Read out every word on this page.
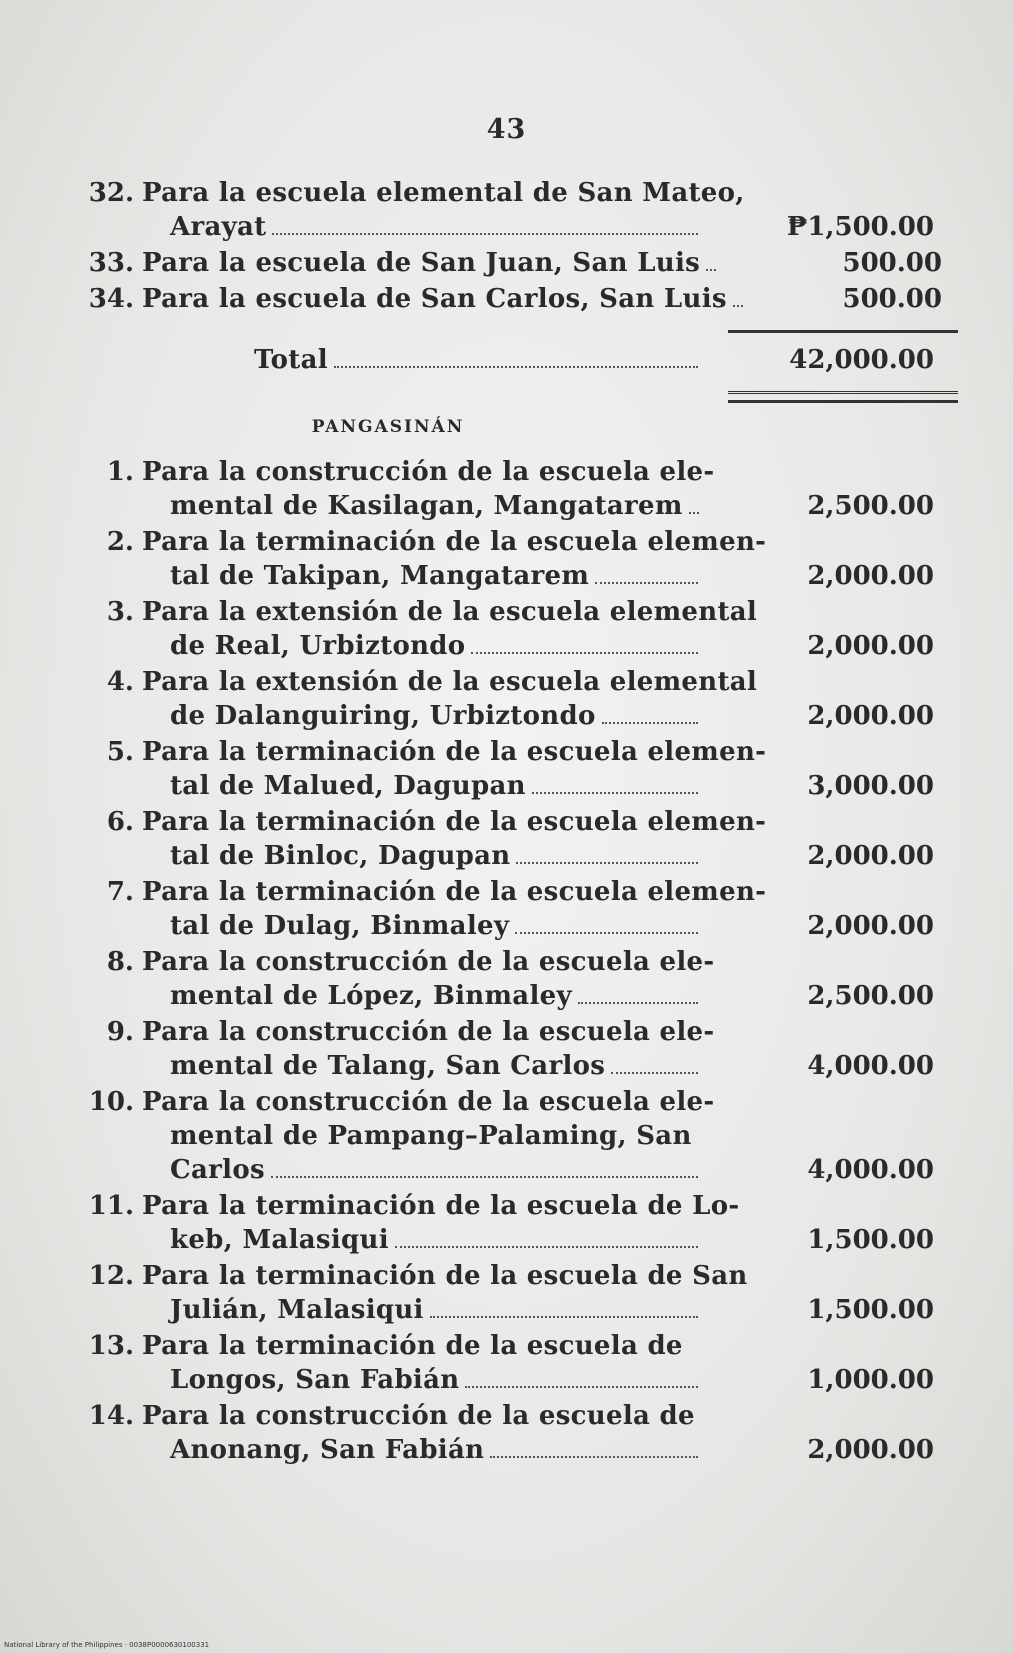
43
32. Para la escuela elemental de San Mateo,
Arayat	₱1,500.00
33. Para la escuela de San Juan, San Luis	500.00
34. Para la escuela de San Carlos, San Luis	500.00
Total	42,000.00
PANGASINÁN
1. Para la construcción de la escuela ele-
mental de Kasilagan, Mangatarem	2,500.00
2. Para la terminación de la escuela elemen-
tal de Takipan, Mangatarem	2,000.00
3. Para la extensión de la escuela elemental
de Real, Urbiztondo	2,000.00
4. Para la extensión de la escuela elemental
de Dalanguiring, Urbiztondo	2,000.00
5. Para la terminación de la escuela elemen-
tal de Malued, Dagupan	3,000.00
6. Para la terminación de la escuela elemen-
tal de Binloc, Dagupan	2,000.00
7. Para la terminación de la escuela elemen-
tal de Dulag, Binmaley	2,000.00
8. Para la construcción de la escuela ele-
mental de López, Binmaley	2,500.00
9. Para la construcción de la escuela ele-
mental de Talang, San Carlos	4,000.00
10. Para la construcción de la escuela ele-
mental de Pampang–Palaming, San
Carlos	4,000.00
11. Para la terminación de la escuela de Lo-
keb, Malasiqui	1,500.00
12. Para la terminación de la escuela de San
Julián, Malasiqui	1,500.00
13. Para la terminación de la escuela de
Longos, San Fabián	1,000.00
14. Para la construcción de la escuela de
Anonang, San Fabián	2,000.00
National Library of the Philippines · 0038P0000630100331
